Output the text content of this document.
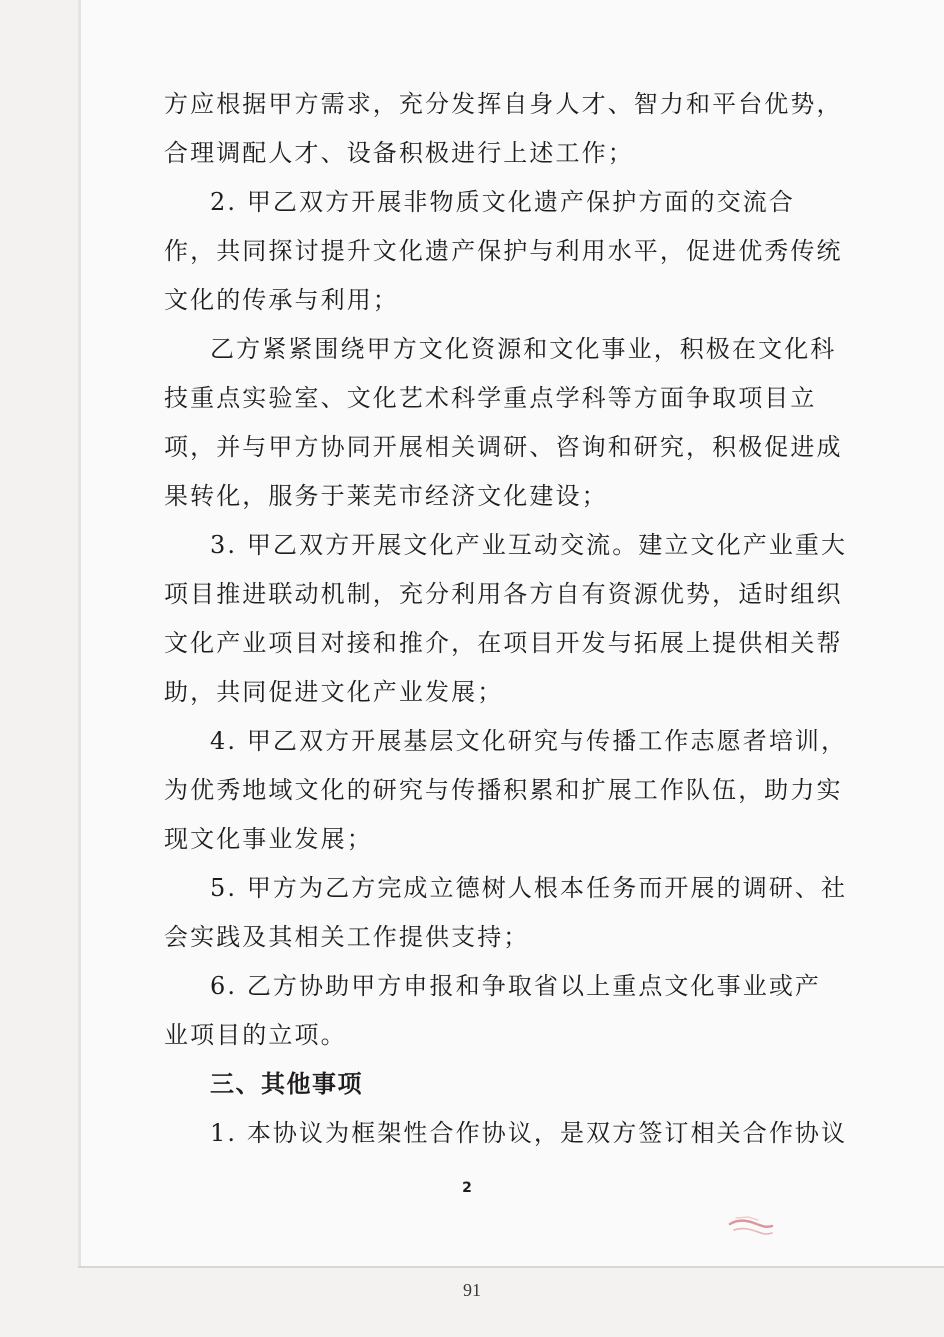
方应根据甲方需求，充分发挥自身人才、智力和平台优势，
合理调配人才、设备积极进行上述工作；
2. 甲乙双方开展非物质文化遗产保护方面的交流合
作，共同探讨提升文化遗产保护与利用水平，促进优秀传统
文化的传承与利用；
乙方紧紧围绕甲方文化资源和文化事业，积极在文化科
技重点实验室、文化艺术科学重点学科等方面争取项目立
项，并与甲方协同开展相关调研、咨询和研究，积极促进成
果转化，服务于莱芜市经济文化建设；
3. 甲乙双方开展文化产业互动交流。建立文化产业重大
项目推进联动机制，充分利用各方自有资源优势，适时组织
文化产业项目对接和推介，在项目开发与拓展上提供相关帮
助，共同促进文化产业发展；
4. 甲乙双方开展基层文化研究与传播工作志愿者培训，
为优秀地域文化的研究与传播积累和扩展工作队伍，助力实
现文化事业发展；
5. 甲方为乙方完成立德树人根本任务而开展的调研、社
会实践及其相关工作提供支持；
6. 乙方协助甲方申报和争取省以上重点文化事业或产
业项目的立项。
三、其他事项
1. 本协议为框架性合作协议，是双方签订相关合作协议
2
91
